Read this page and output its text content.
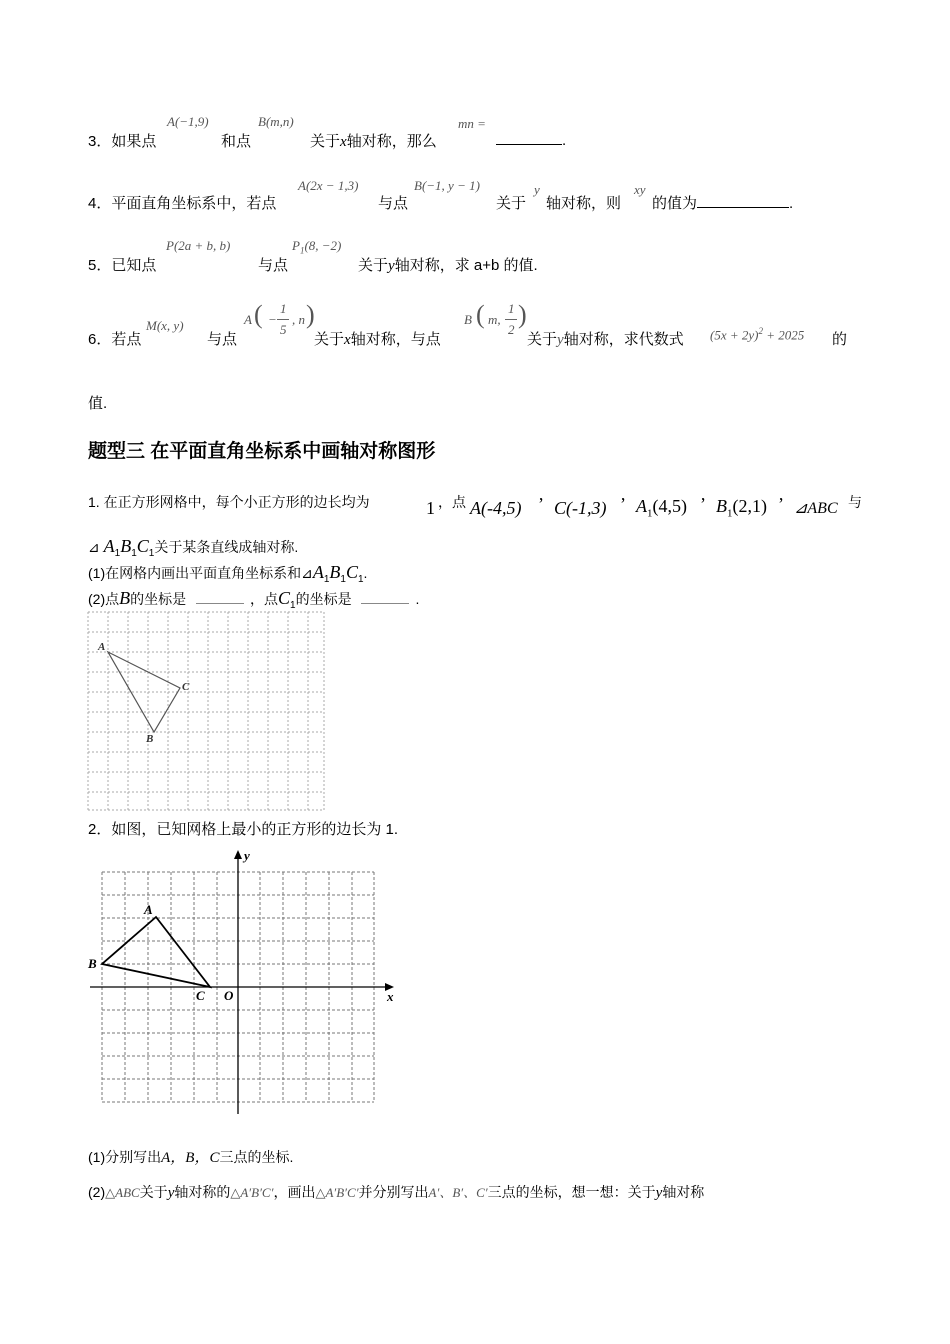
3．如果点
A(−1,9)
和点
B(m,n)
关于x轴对称，那么
mn =
.
4．平面直角坐标系中，若点
A(2x − 1,3)
与点
B(−1, y − 1)
关于
y
轴对称，则
xy
的值为	.
5．已知点
P(2a + b, b)
与点
$P_1(8$, −2)
关于y轴对称，求 a+b 的值.
6．若点
M(x, y)
与点
A ( −
1
5
, n )
关于x轴对称，与点
B ( m,
1
2
)
关于y轴对称，求代数式 $(5x + 2y)^2 + 2025$ 的
值.
题型三 在平面直角坐标系中画轴对称图形
1. 在正方形网格中，每个小正方形的边长均为	1 ，点 A(-4,5) ’ C(-1,3) ’ $A_1(4,5)$ ’ $B_1(2,1)$ ’ ⊿ABC 与
⊿ $A_1B_1C_1$关于某条直线成轴对称.
(1)在网格内画出平面直角坐标系和$⊿A_1B_1C_1$.
(2)点B的坐标是	，点$C_1$的坐标是	.
A
B
C
2．如图，已知网格上最小的正方形的边长为 1.
A
B
C O	x
y
(1)分别写出A，B，C三点的坐标.
(2)△ABC关于y轴对称的△A′B′C′，画出△A′B′C′并分别写出A′、B′、C′三点的坐标，想一想：关于y轴对称
